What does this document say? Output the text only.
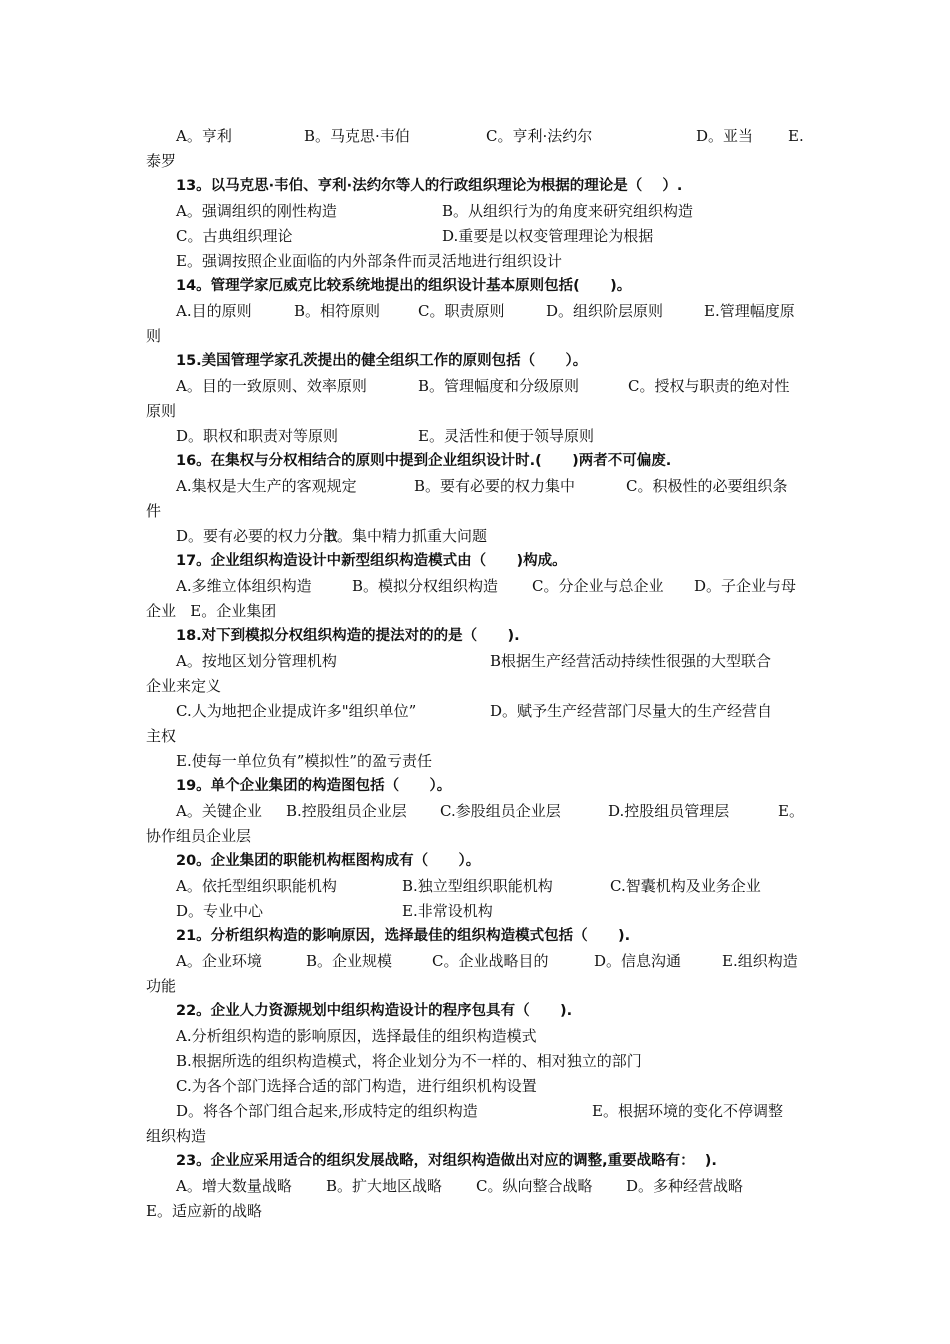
A。亨利	B。马克思·韦伯	C。亨利·法约尔	D。亚当 E.
泰罗
13。以马克思·韦伯、亨利·法约尔等人的行政组织理论为根据的理论是（    ）.
A。强调组织的刚性构造	B。从组织行为的角度来研究组织构造
C。古典组织理论	D.重要是以权变管理理论为根据
E。强调按照企业面临的内外部条件而灵活地进行组织设计
14。管理学家厄威克比较系统地提出的组织设计基本原则包括(      )。
A.目的原则	B。相符原则	C。职责原则	D。组织阶层原则	E.管理幅度原
则
15.美国管理学家孔茨提出的健全组织工作的原则包括（      ）。
A。目的一致原则、效率原则	B。管理幅度和分级原则	C。授权与职责的绝对性
原则
D。职权和职责对等原则	E。灵活性和便于领导原则
16。在集权与分权相结合的原则中提到企业组织设计时.(      )两者不可偏废.
A.集权是大生产的客观规定	B。要有必要的权力集中	C。积极性的必要组织条
件
D。要有必要的权力分散
E。集中精力抓重大问题
17。企业组织构造设计中新型组织构造模式由（      )构成。
A.多维立体组织构造	B。模拟分权组织构造 C。分企业与总企业 D。子企业与母
企业   E。企业集团
18.对下到模拟分权组织构造的提法对的的是（      ).
A。按地区划分管理机构	B根据生产经营活动持续性很强的大型联合
企业来定义
C.人为地把企业提成许多"组织单位”	D。赋予生产经营部门尽量大的生产经营自
主权
E.使每一单位负有”模拟性”的盈亏责任
19。单个企业集团的构造图包括（      ）。
A。关键企业 B.控股组员企业层 C.参股组员企业层	D.控股组员管理层	E。
协作组员企业层
20。企业集团的职能机构框图构成有（      ）。
A。依托型组织职能机构	B.独立型组织职能机构	C.智囊机构及业务企业
D。专业中心	E.非常设机构
21。分析组织构造的影响原因，选择最佳的组织构造模式包括（      ).
A。企业环境	B。企业规模	C。企业战略目的	D。信息沟通	E.组织构造
功能
22。企业人力资源规划中组织构造设计的程序包具有（      ).
A.分析组织构造的影响原因，选择最佳的组织构造模式
B.根据所选的组织构造模式，将企业划分为不一样的、相对独立的部门
C.为各个部门选择合适的部门构造，进行组织机构设置
D。将各个部门组合起来,形成特定的组织构造	E。根据环境的变化不停调整
组织构造
23。企业应采用适合的组织发展战略，对组织构造做出对应的调整,重要战略有：  ).
A。增大数量战略 B。扩大地区战略 C。纵向整合战略 D。多种经营战略
E。适应新的战略
